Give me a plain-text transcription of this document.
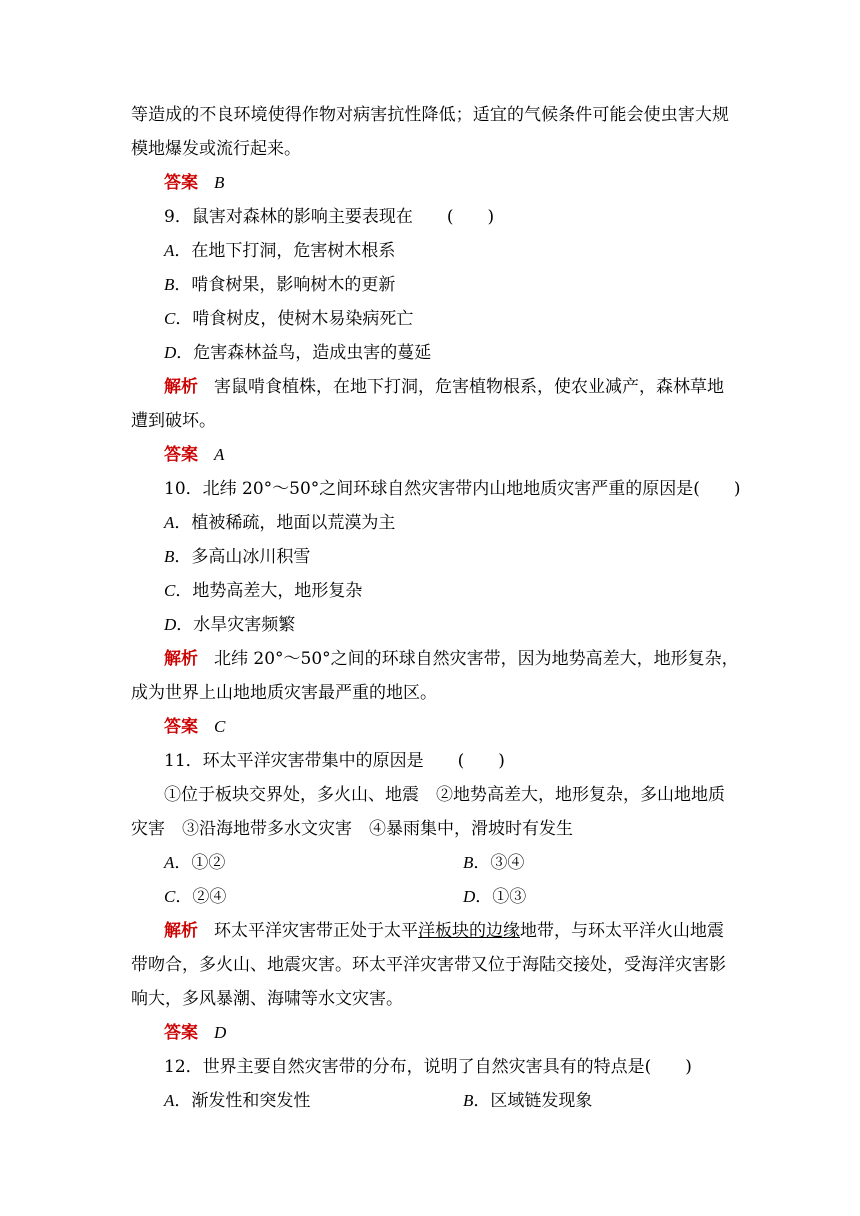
等造成的不良环境使得作物对病害抗性降低；适宜的气候条件可能会使虫害大规
模地爆发或流行起来。
答案 B
9．鼠害对森林的影响主要表现在　　(　　)
A．在地下打洞，危害树木根系
B．啃食树果，影响树木的更新
C．啃食树皮，使树木易染病死亡
D．危害森林益鸟，造成虫害的蔓延
解析 害鼠啃食植株，在地下打洞，危害植物根系，使农业减产，森林草地
遭到破坏。
答案 A
10．北纬 20°～50°之间环球自然灾害带内山地地质灾害严重的原因是(　　)
A．植被稀疏，地面以荒漠为主
B．多高山冰川积雪
C．地势高差大，地形复杂
D．水旱灾害频繁
解析 北纬 20°～50°之间的环球自然灾害带，因为地势高差大，地形复杂，
成为世界上山地地质灾害最严重的地区。
答案 C
11．环太平洋灾害带集中的原因是　　(　　)
①位于板块交界处，多火山、地震　②地势高差大，地形复杂，多山地地质
灾害　③沿海地带多水文灾害　④暴雨集中，滑坡时有发生
A．①②	B．③④
C．②④	D．①③
解析 环太平洋灾害带正处于太平洋板块的边缘地带，与环太平洋火山地震
带吻合，多火山、地震灾害。环太平洋灾害带又位于海陆交接处，受海洋灾害影
响大，多风暴潮、海啸等水文灾害。
答案 D
12．世界主要自然灾害带的分布，说明了自然灾害具有的特点是(　　)
A．渐发性和突发性	B．区域链发现象
